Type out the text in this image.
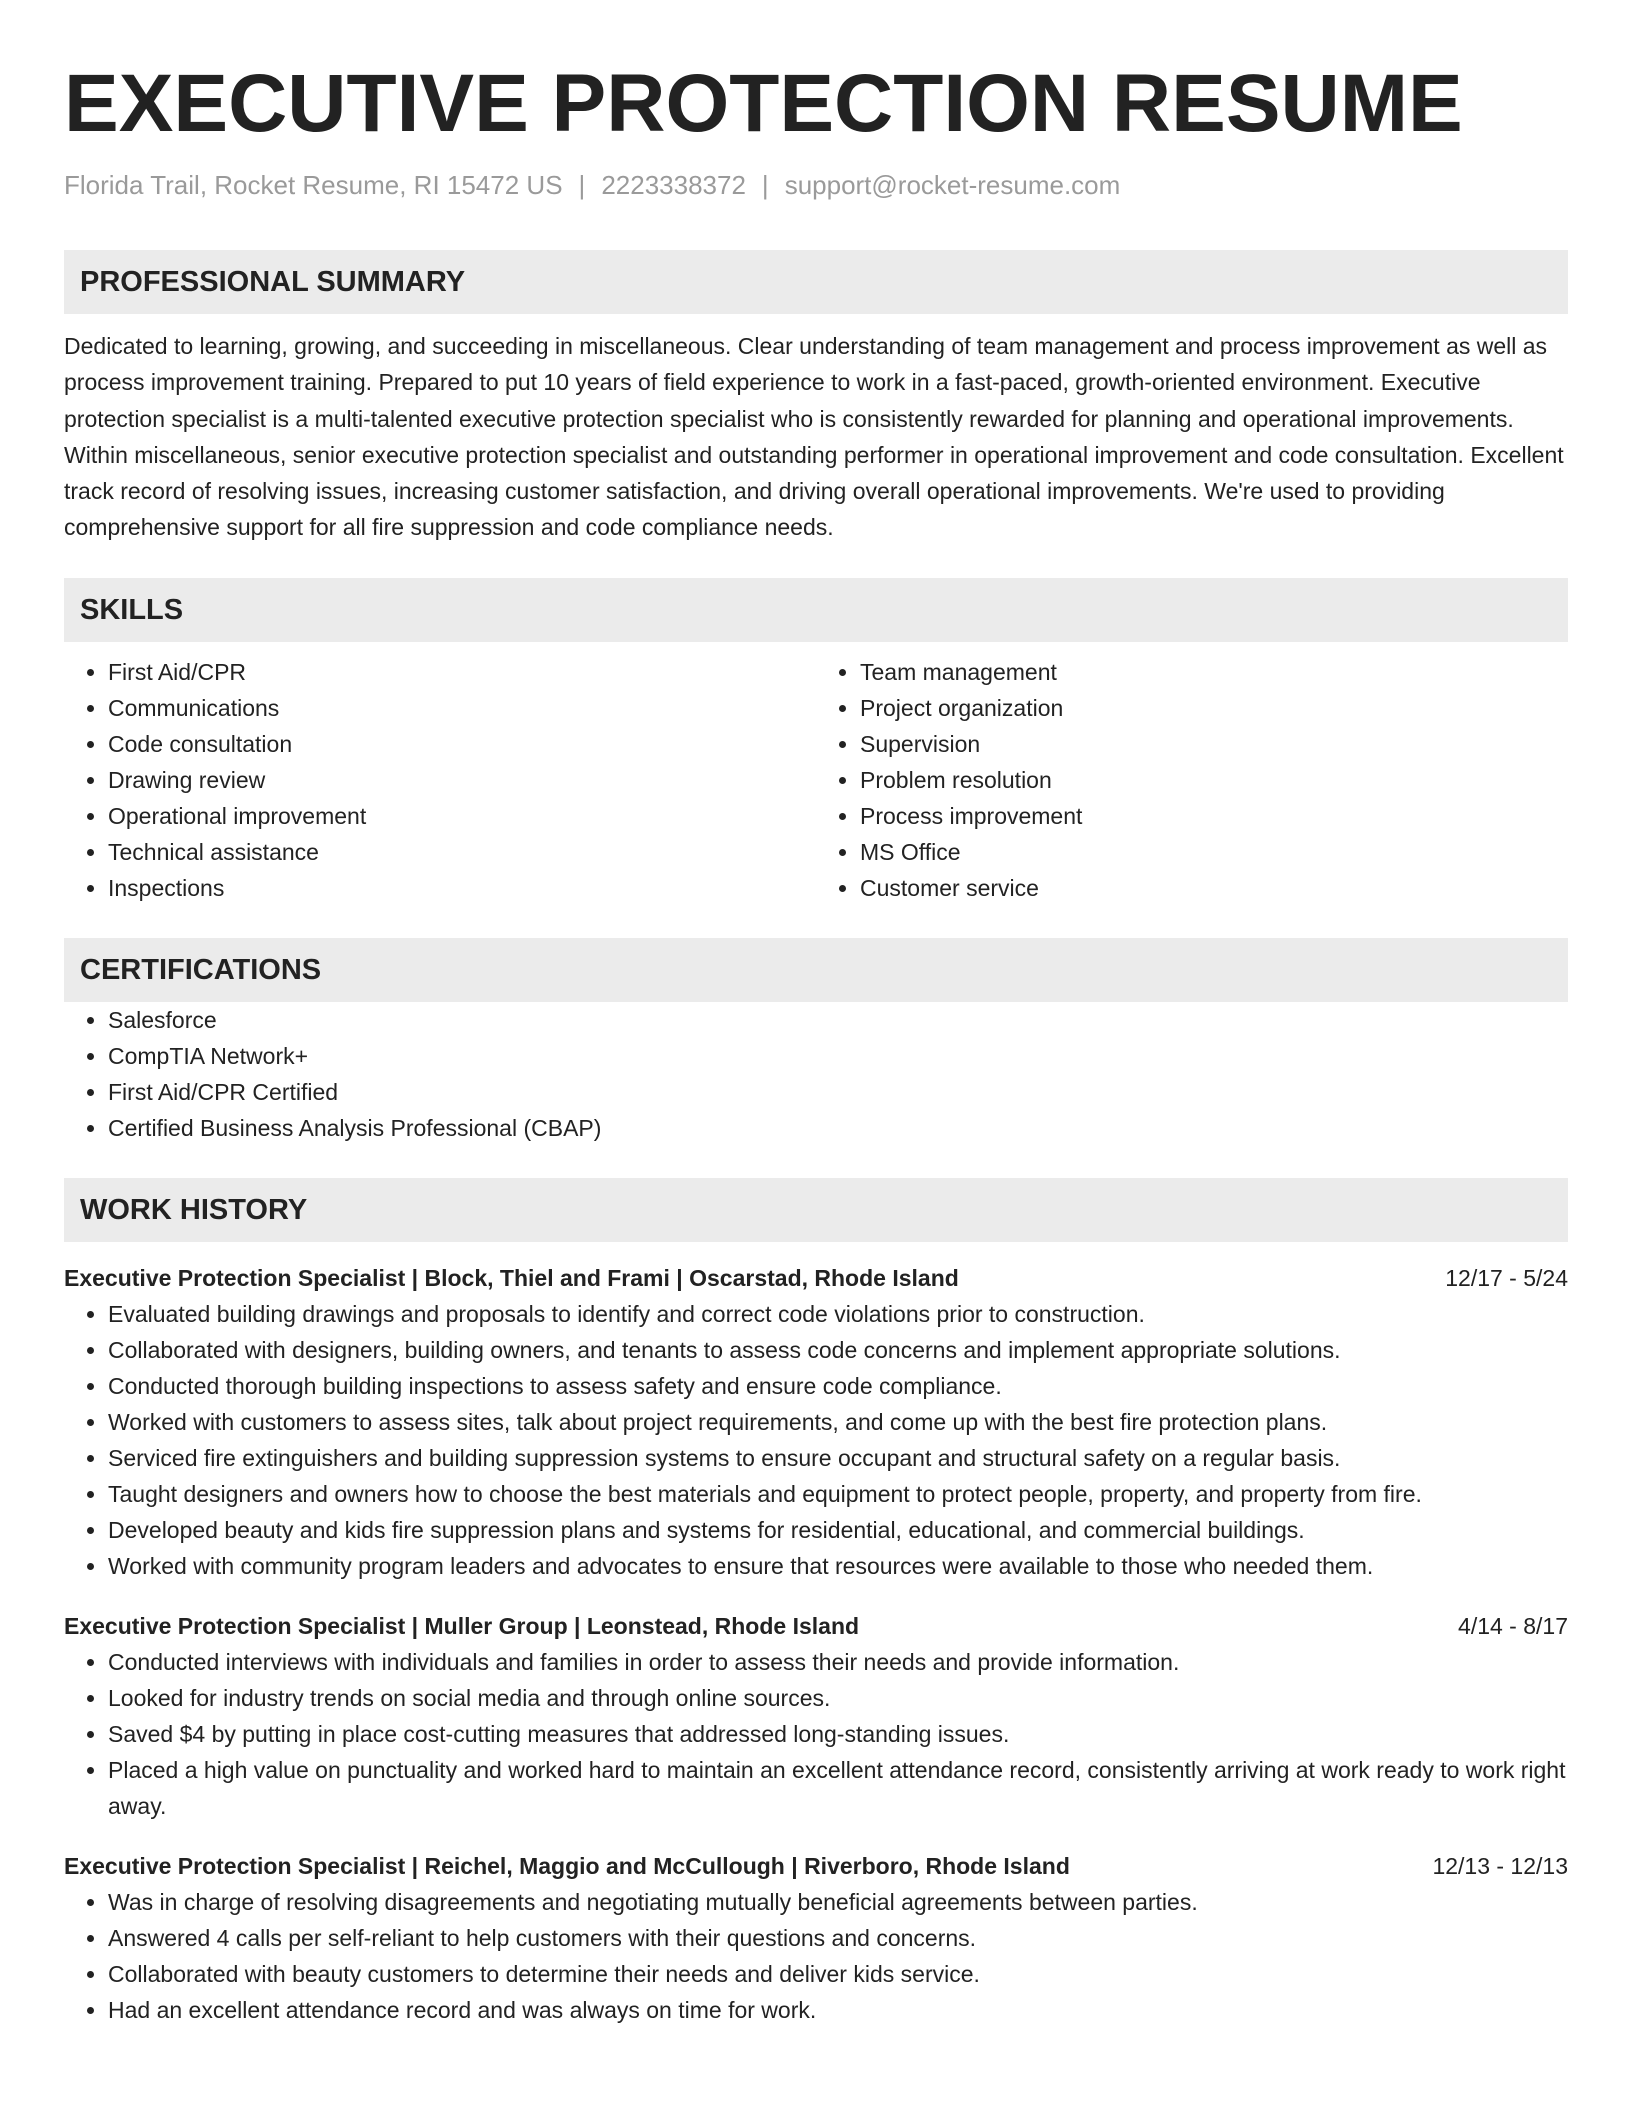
EXECUTIVE PROTECTION RESUME
Florida Trail, Rocket Resume, RI 15472 US | 2223338372 | support@rocket-resume.com
PROFESSIONAL SUMMARY
Dedicated to learning, growing, and succeeding in miscellaneous. Clear understanding of team management and process improvement as well as process improvement training. Prepared to put 10 years of field experience to work in a fast-paced, growth-oriented environment. Executive protection specialist is a multi-talented executive protection specialist who is consistently rewarded for planning and operational improvements. Within miscellaneous, senior executive protection specialist and outstanding performer in operational improvement and code consultation. Excellent track record of resolving issues, increasing customer satisfaction, and driving overall operational improvements. We're used to providing comprehensive support for all fire suppression and code compliance needs.
SKILLS
• First Aid/CPR
• Communications
• Code consultation
• Drawing review
• Operational improvement
• Technical assistance
• Inspections
• Team management
• Project organization
• Supervision
• Problem resolution
• Process improvement
• MS Office
• Customer service
CERTIFICATIONS
• Salesforce
• CompTIA Network+
• First Aid/CPR Certified
• Certified Business Analysis Professional (CBAP)
WORK HISTORY
Executive Protection Specialist | Block, Thiel and Frami | Oscarstad, Rhode Island	12/17 - 5/24
• Evaluated building drawings and proposals to identify and correct code violations prior to construction.
• Collaborated with designers, building owners, and tenants to assess code concerns and implement appropriate solutions.
• Conducted thorough building inspections to assess safety and ensure code compliance.
• Worked with customers to assess sites, talk about project requirements, and come up with the best fire protection plans.
• Serviced fire extinguishers and building suppression systems to ensure occupant and structural safety on a regular basis.
• Taught designers and owners how to choose the best materials and equipment to protect people, property, and property from fire.
• Developed beauty and kids fire suppression plans and systems for residential, educational, and commercial buildings.
• Worked with community program leaders and advocates to ensure that resources were available to those who needed them.
Executive Protection Specialist | Muller Group | Leonstead, Rhode Island	4/14 - 8/17
• Conducted interviews with individuals and families in order to assess their needs and provide information.
• Looked for industry trends on social media and through online sources.
• Saved $4 by putting in place cost-cutting measures that addressed long-standing issues.
• Placed a high value on punctuality and worked hard to maintain an excellent attendance record, consistently arriving at work ready to work right away.
Executive Protection Specialist | Reichel, Maggio and McCullough | Riverboro, Rhode Island	12/13 - 12/13
• Was in charge of resolving disagreements and negotiating mutually beneficial agreements between parties.
• Answered 4 calls per self-reliant to help customers with their questions and concerns.
• Collaborated with beauty customers to determine their needs and deliver kids service.
• Had an excellent attendance record and was always on time for work.
